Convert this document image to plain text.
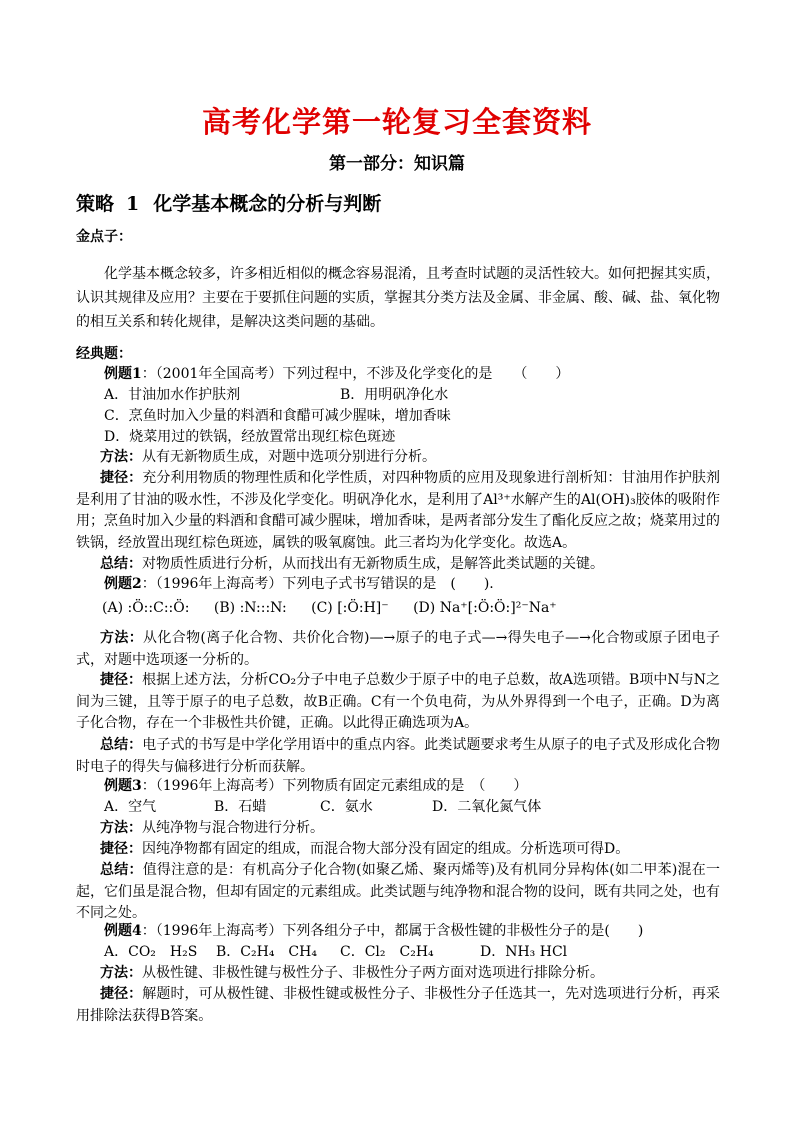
高考化学第一轮复习全套资料
第一部分：知识篇
策略 1 化学基本概念的分析与判断
金点子：
化学基本概念较多，许多相近相似的概念容易混淆，且考查时试题的灵活性较大。如何把握其实质，认识其规律及应用？主要在于要抓住问题的实质，掌握其分类方法及金属、非金属、酸、碱、盐、氧化物的相互关系和转化规律，是解决这类问题的基础。
经典题：
例题1：（2001年全国高考）下列过程中，不涉及化学变化的是　　（　　）
A．甘油加水作护肤剂	B．用明矾净化水
C．烹鱼时加入少量的料酒和食醋可减少腥味，增加香味
D．烧菜用过的铁锅，经放置常出现红棕色斑迹
方法：从有无新物质生成，对题中选项分别进行分析。
捷径：充分利用物质的物理性质和化学性质，对四种物质的应用及现象进行剖析知：甘油用作护肤剂是利用了甘油的吸水性，不涉及化学变化。明矾净化水，是利用了Al³⁺水解产生的Al(OH)₃胶体的吸附作用；烹鱼时加入少量的料酒和食醋可减少腥味，增加香味，是两者部分发生了酯化反应之故；烧菜用过的铁锅，经放置出现红棕色斑迹，属铁的吸氧腐蚀。此三者均为化学变化。故选A。
总结：对物质性质进行分析，从而找出有无新物质生成，是解答此类试题的关键。
例题2：（1996年上海高考）下列电子式书写错误的是　(　　).
(A) :Ö::C::Ö: (B) :N:::N: (C) [:Ö:H]⁻ (D) Na⁺[:Ö:Ö:]²⁻Na⁺
方法：从化合物(离子化合物、共价化合物)—→原子的电子式—→得失电子—→化合物或原子团电子式，对题中选项逐一分析的。
捷径：根据上述方法，分析CO₂分子中电子总数少于原子中的电子总数，故A选项错。B项中N与N之间为三键，且等于原子的电子总数，故B正确。C有一个负电荷，为从外界得到一个电子，正确。D为离子化合物，存在一个非极性共价键，正确。以此得正确选项为A。
总结：电子式的书写是中学化学用语中的重点内容。此类试题要求考生从原子的电子式及形成化合物时电子的得失与偏移进行分析而获解。
例题3：（1996年上海高考）下列物质有固定元素组成的是　（　　）
A．空气	B．石蜡	C．氨水	D．二氧化氮气体
方法：从纯净物与混合物进行分析。
捷径：因纯净物都有固定的组成，而混合物大部分没有固定的组成。分析选项可得D。
总结：值得注意的是：有机高分子化合物(如聚乙烯、聚丙烯等)及有机同分异构体(如二甲苯)混在一起，它们虽是混合物，但却有固定的元素组成。此类试题与纯净物和混合物的设问，既有共同之处，也有不同之处。
例题4：（1996年上海高考）下列各组分子中，都属于含极性键的非极性分子的是(　　)
A．CO₂　H₂S B．C₂H₄　CH₄ C．Cl₂　C₂H₄	D．NH₃ HCl
方法：从极性键、非极性键与极性分子、非极性分子两方面对选项进行排除分析。
捷径：解题时，可从极性键、非极性键或极性分子、非极性分子任选其一，先对选项进行分析，再采用排除法获得B答案。
